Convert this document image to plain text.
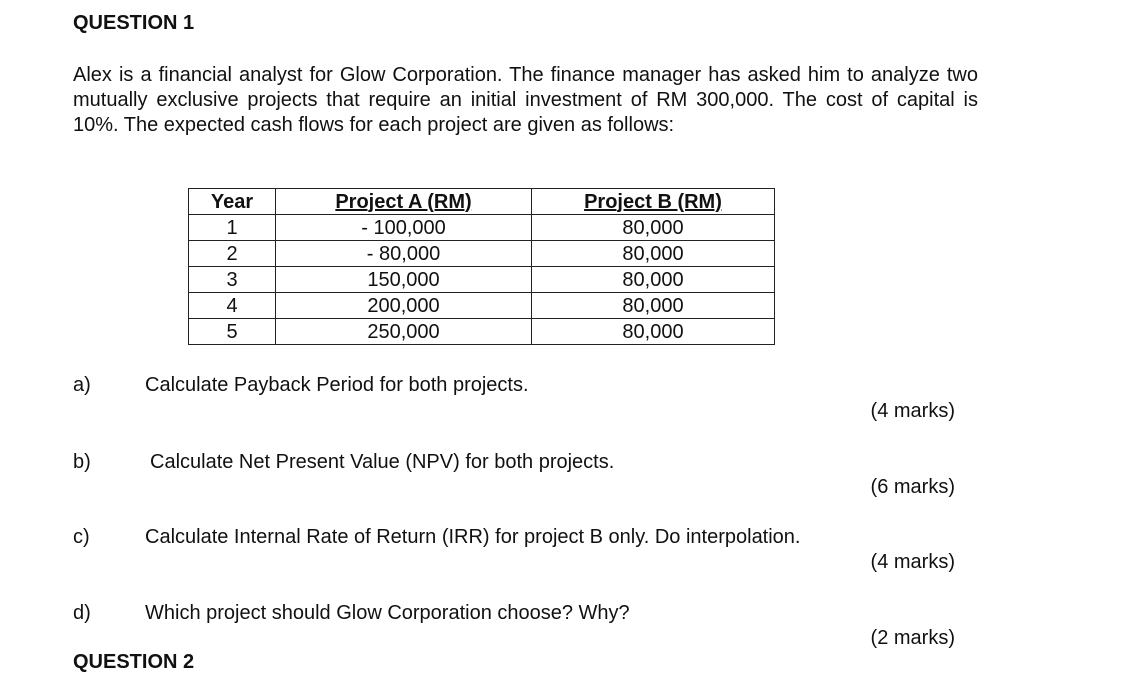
QUESTION 1

Alex is a financial analyst for Glow Corporation. The finance manager has asked him to analyze two mutually exclusive projects that require an initial investment of RM 300,000. The cost of capital is 10%. The expected cash flows for each project are given as follows:

Year	Project A (RM)	Project B (RM)
1	- 100,000	80,000
2	- 80,000	80,000
3	150,000	80,000
4	200,000	80,000
5	250,000	80,000
a)	Calculate Payback Period for both projects.
(4 marks)
b)	Calculate Net Present Value (NPV) for both projects.
(6 marks)
c)	Calculate Internal Rate of Return (IRR) for project B only. Do interpolation.
(4 marks)
d)	Which project should Glow Corporation choose? Why?
(2 marks)
QUESTION 2
